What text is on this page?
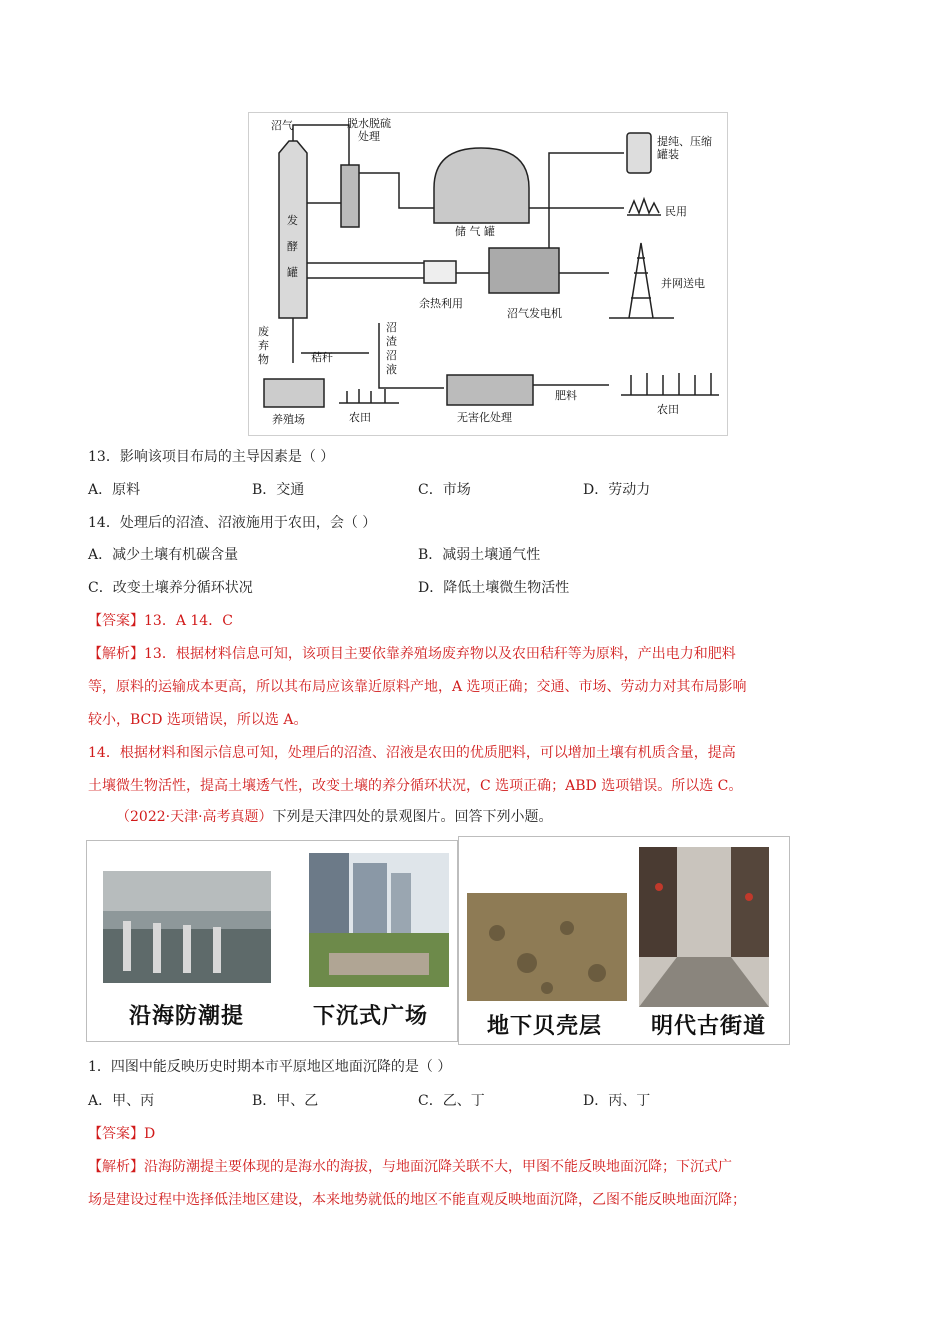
沼气	脱水脱硫
处理
发酵罐
储 气 罐
提纯、压缩
罐装
民用
并网送电
余热利用
沼气发电机
废弃物	秸秆
沼渣沼液
养殖场	农田	无害化处理
肥料
农田
13．影响该项目布局的主导因素是（ ）
A．原料	B．交通	C．市场	D．劳动力
14．处理后的沼渣、沼液施用于农田，会（ ）
A．减少土壤有机碳含量	B．减弱土壤通气性
C．改变土壤养分循环状况	D．降低土壤微生物活性
【答案】13．A 14．C
【解析】13．根据材料信息可知，该项目主要依靠养殖场废弃物以及农田秸秆等为原料，产出电力和肥料
等，原料的运输成本更高，所以其布局应该靠近原料产地，A 选项正确；交通、市场、劳动力对其布局影响
较小，BCD 选项错误，所以选 A。
14．根据材料和图示信息可知，处理后的沼渣、沼液是农田的优质肥料，可以增加土壤有机质含量，提高
土壤微生物活性，提高土壤透气性，改变土壤的养分循环状况，C 选项正确；ABD 选项错误。所以选 C。
（2022·天津·高考真题）下列是天津四处的景观图片。回答下列小题。
沿海防潮提	下沉式广场	地下贝壳层 明代古街道
1．四图中能反映历史时期本市平原地区地面沉降的是（ ）
A．甲、丙	B．甲、乙	C．乙、丁	D．丙、丁
【答案】D
【解析】沿海防潮提主要体现的是海水的海拔，与地面沉降关联不大，甲图不能反映地面沉降；下沉式广
场是建设过程中选择低洼地区建设，本来地势就低的地区不能直观反映地面沉降，乙图不能反映地面沉降；
